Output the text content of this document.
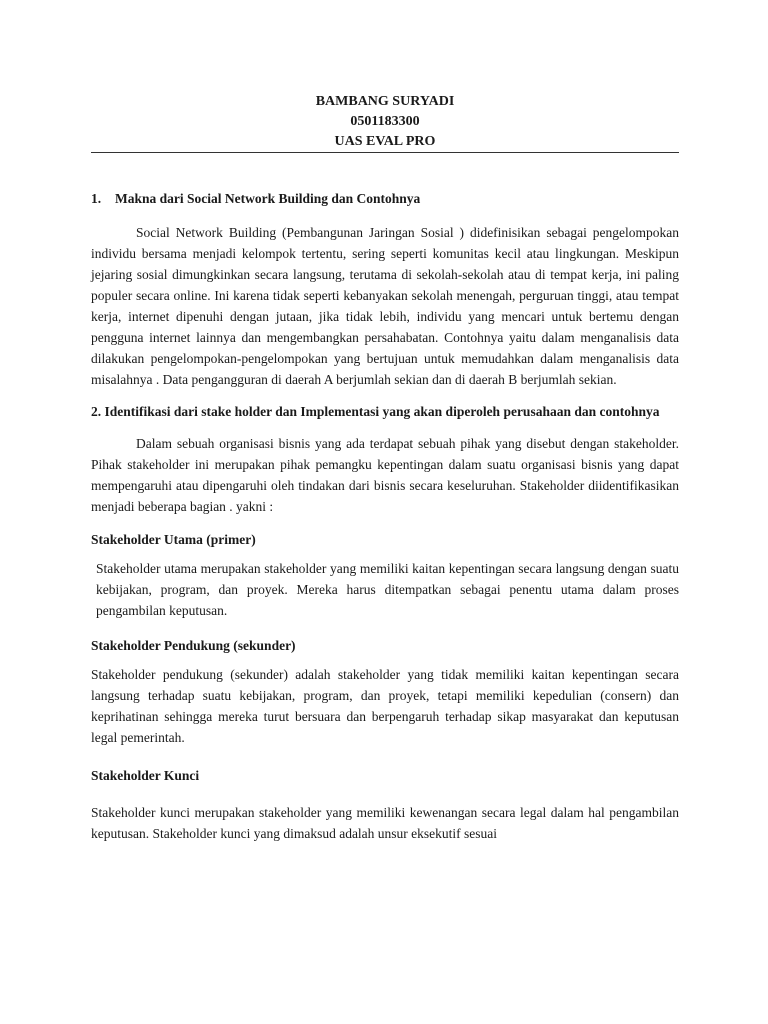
BAMBANG SURYADI
0501183300
UAS EVAL PRO

1. Makna dari Social Network Building dan Contohnya

Social Network Building (Pembangunan Jaringan Sosial ) didefinisikan sebagai pengelompokan individu bersama menjadi kelompok tertentu, sering seperti komunitas kecil atau lingkungan. Meskipun jejaring sosial dimungkinkan secara langsung, terutama di sekolah-sekolah atau di tempat kerja, ini paling populer secara online. Ini karena tidak seperti kebanyakan sekolah menengah, perguruan tinggi, atau tempat kerja, internet dipenuhi dengan jutaan, jika tidak lebih, individu yang mencari untuk bertemu dengan pengguna internet lainnya dan mengembangkan persahabatan. Contohnya yaitu dalam menganalisis data dilakukan pengelompokan-pengelompokan yang bertujuan untuk memudahkan dalam menganalisis data misalahnya . Data pengangguran di daerah A berjumlah sekian dan di daerah B berjumlah sekian.

2. Identifikasi dari stake holder dan Implementasi yang akan diperoleh perusahaan dan contohnya

Dalam sebuah organisasi bisnis yang ada terdapat sebuah pihak yang disebut dengan stakeholder. Pihak stakeholder ini merupakan pihak pemangku kepentingan dalam suatu organisasi bisnis yang dapat mempengaruhi atau dipengaruhi oleh tindakan dari bisnis secara keseluruhan. Stakeholder diidentifikasikan menjadi beberapa bagian . yakni :

Stakeholder Utama (primer)

Stakeholder utama merupakan stakeholder yang memiliki kaitan kepentingan secara langsung dengan suatu kebijakan, program, dan proyek. Mereka harus ditempatkan sebagai penentu utama dalam proses pengambilan keputusan.

Stakeholder Pendukung (sekunder)

Stakeholder pendukung (sekunder) adalah stakeholder yang tidak memiliki kaitan kepentingan secara langsung terhadap suatu kebijakan, program, dan proyek, tetapi memiliki kepedulian (consern) dan keprihatinan sehingga mereka turut bersuara dan berpengaruh terhadap sikap masyarakat dan keputusan legal pemerintah.

Stakeholder Kunci

Stakeholder kunci merupakan stakeholder yang memiliki kewenangan secara legal dalam hal pengambilan keputusan. Stakeholder kunci yang dimaksud adalah unsur eksekutif sesuai
